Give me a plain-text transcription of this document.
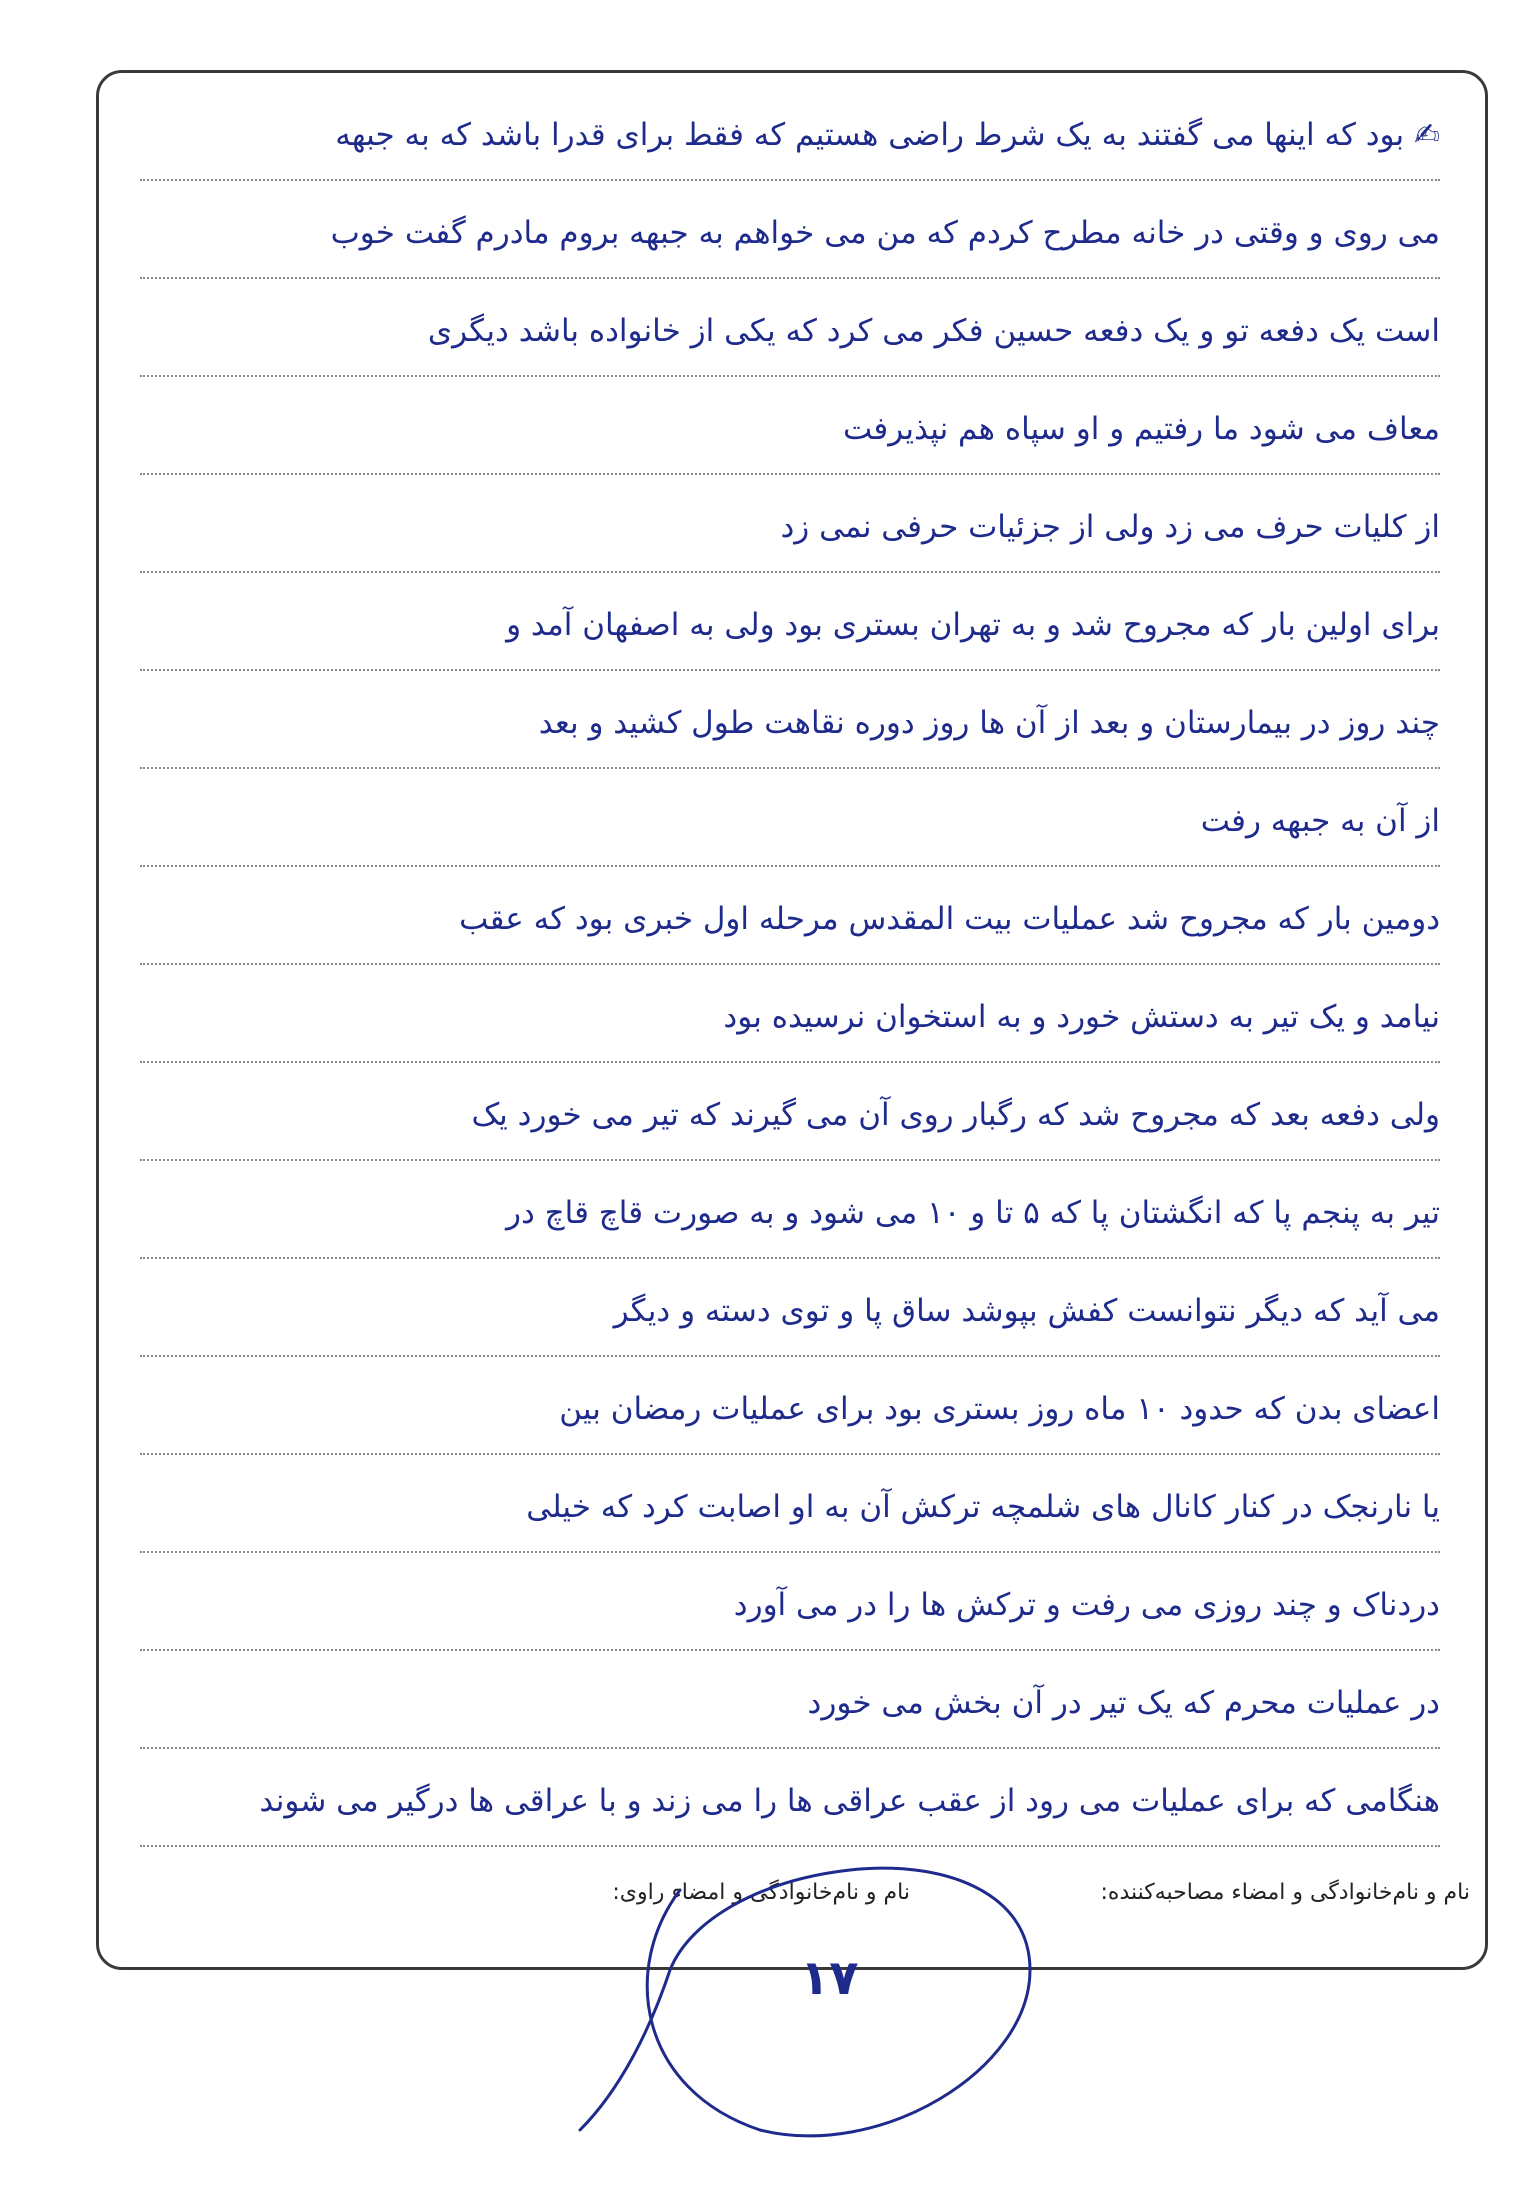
✍ بود که اینها می گفتند به یک شرط راضی هستیم که فقط برای قدرا باشد که به جبهه
می روی و وقتی در خانه مطرح کردم که من می خواهم به جبهه بروم مادرم گفت خوب
است یک دفعه تو و یک دفعه حسین فکر می کرد که یکی از خانواده باشد دیگری
معاف می شود ما رفتیم و او سپاه هم نپذیرفت
از کلیات حرف می زد ولی از جزئیات حرفی نمی زد
برای اولین بار که مجروح شد و به تهران بستری بود ولی به اصفهان آمد و
چند روز در بیمارستان و بعد از آن ها روز دوره نقاهت طول کشید و بعد
از آن به جبهه رفت
دومین بار که مجروح شد عملیات بیت المقدس مرحله اول خبری بود که عقب
نیامد و یک تیر به دستش خورد و به استخوان نرسیده بود
ولی دفعه بعد که مجروح شد که رگبار روی آن می گیرند که تیر می خورد یک
تیر به پنجم پا که انگشتان پا که ۵ تا و ۱۰ می شود و به صورت قاچ قاچ در
می آید که دیگر نتوانست کفش بپوشد ساق پا و توی دسته و دیگر
اعضای بدن که حدود ۱۰ ماه روز بستری بود برای عملیات رمضان بین
یا نارنجک در کنار کانال های شلمچه ترکش آن به او اصابت کرد که خیلی
دردناک و چند روزی می رفت و ترکش ها را در می آورد
در عملیات محرم که یک تیر در آن بخش می خورد
هنگامی که برای عملیات می رود از عقب عراقی ها را می زند و با عراقی ها درگیر می شوند
نام و نام‌خانوادگی و امضاء مصاحبه‌کننده:
نام و نام‌خانوادگی و امضاء راوی:
۱۷
